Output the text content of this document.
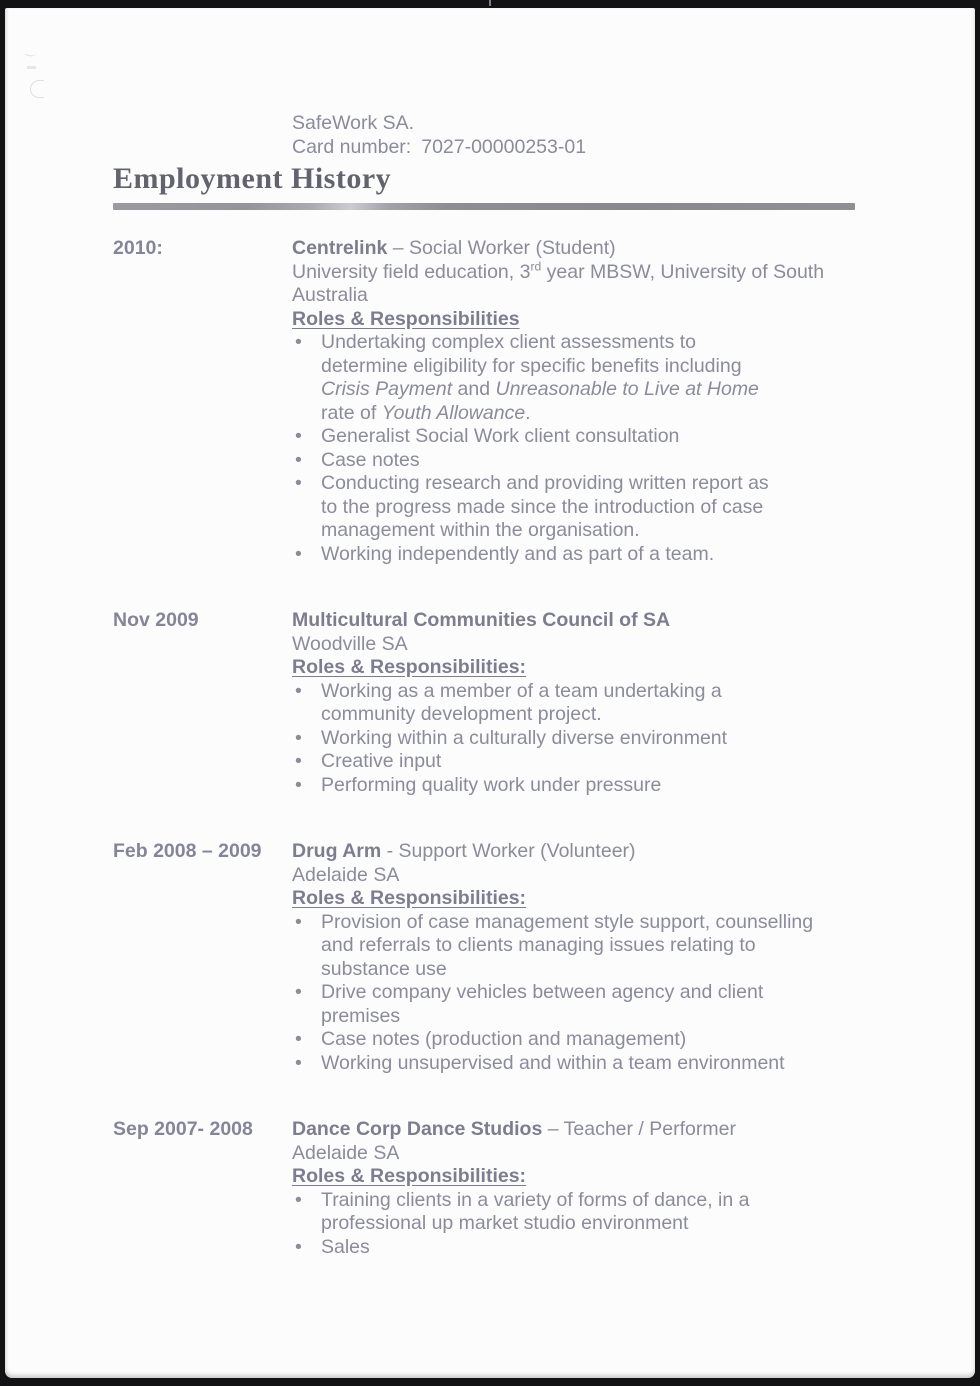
SafeWork SA.
Card number: 7027-00000253-01
Employment History
2010:	Centrelink – Social Worker (Student)
University field education, 3rd year MBSW, University of South Australia
Roles & Responsibilities
• Undertaking complex client assessments to determine eligibility for specific benefits including Crisis Payment and Unreasonable to Live at Home rate of Youth Allowance.
• Generalist Social Work client consultation
• Case notes
• Conducting research and providing written report as to the progress made since the introduction of case management within the organisation.
• Working independently and as part of a team.
Nov 2009	Multicultural Communities Council of SA
Woodville SA
Roles & Responsibilities:
• Working as a member of a team undertaking a community development project.
• Working within a culturally diverse environment
• Creative input
• Performing quality work under pressure
Feb 2008 – 2009	Drug Arm - Support Worker (Volunteer)
Adelaide SA
Roles & Responsibilities:
• Provision of case management style support, counselling and referrals to clients managing issues relating to substance use
• Drive company vehicles between agency and client premises
• Case notes (production and management)
• Working unsupervised and within a team environment
Sep 2007- 2008	Dance Corp Dance Studios – Teacher / Performer
Adelaide SA
Roles & Responsibilities:
• Training clients in a variety of forms of dance, in a professional up market studio environment
• Sales
